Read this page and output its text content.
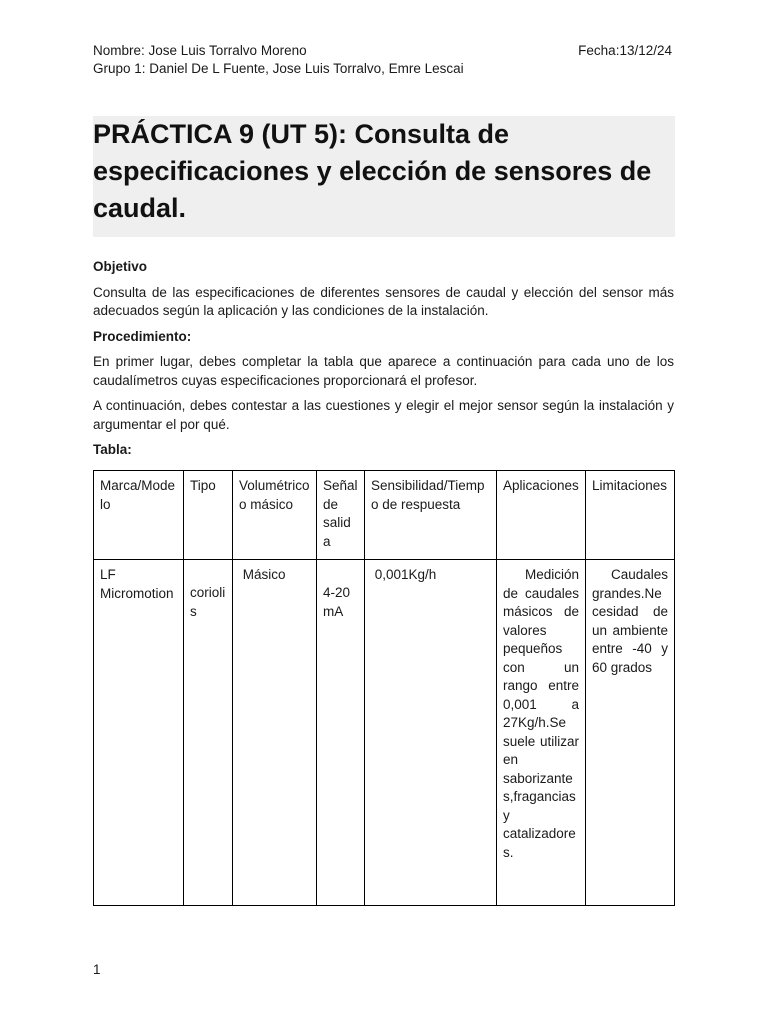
Nombre: Jose Luis Torralvo Moreno
Grupo 1: Daniel De L Fuente, Jose Luis Torralvo, Emre Lescai
Fecha:13/12/24
PRÁCTICA 9 (UT 5): Consulta de especificaciones y elección de sensores de caudal.
Objetivo

Consulta de las especificaciones de diferentes sensores de caudal y elección del sensor más adecuados según la aplicación y las condiciones de la instalación.

Procedimiento:

En primer lugar, debes completar la tabla que aparece a continuación para cada uno de los caudalímetros cuyas especificaciones proporcionará el profesor.

A continuación, debes contestar a las cuestiones y elegir el mejor sensor según la instalación y argumentar el por qué.

Tabla:
Marca/Modelo	Tipo	Volumétrico o másico	Señal de salida	Sensibilidad/Tiempo de respuesta	Aplicaciones	Limitaciones
LF Micromotion	coriolis	Másico	4-20 mA	0,001Kg/h	Medición de caudales másicos de valores pequeños con un rango entre 0,001 a 27Kg/h.Se suele utilizar en saborizantes,fragancias y catalizadores.	Caudales grandes.Necesidad de un ambiente entre -40 y 60 grados
1
